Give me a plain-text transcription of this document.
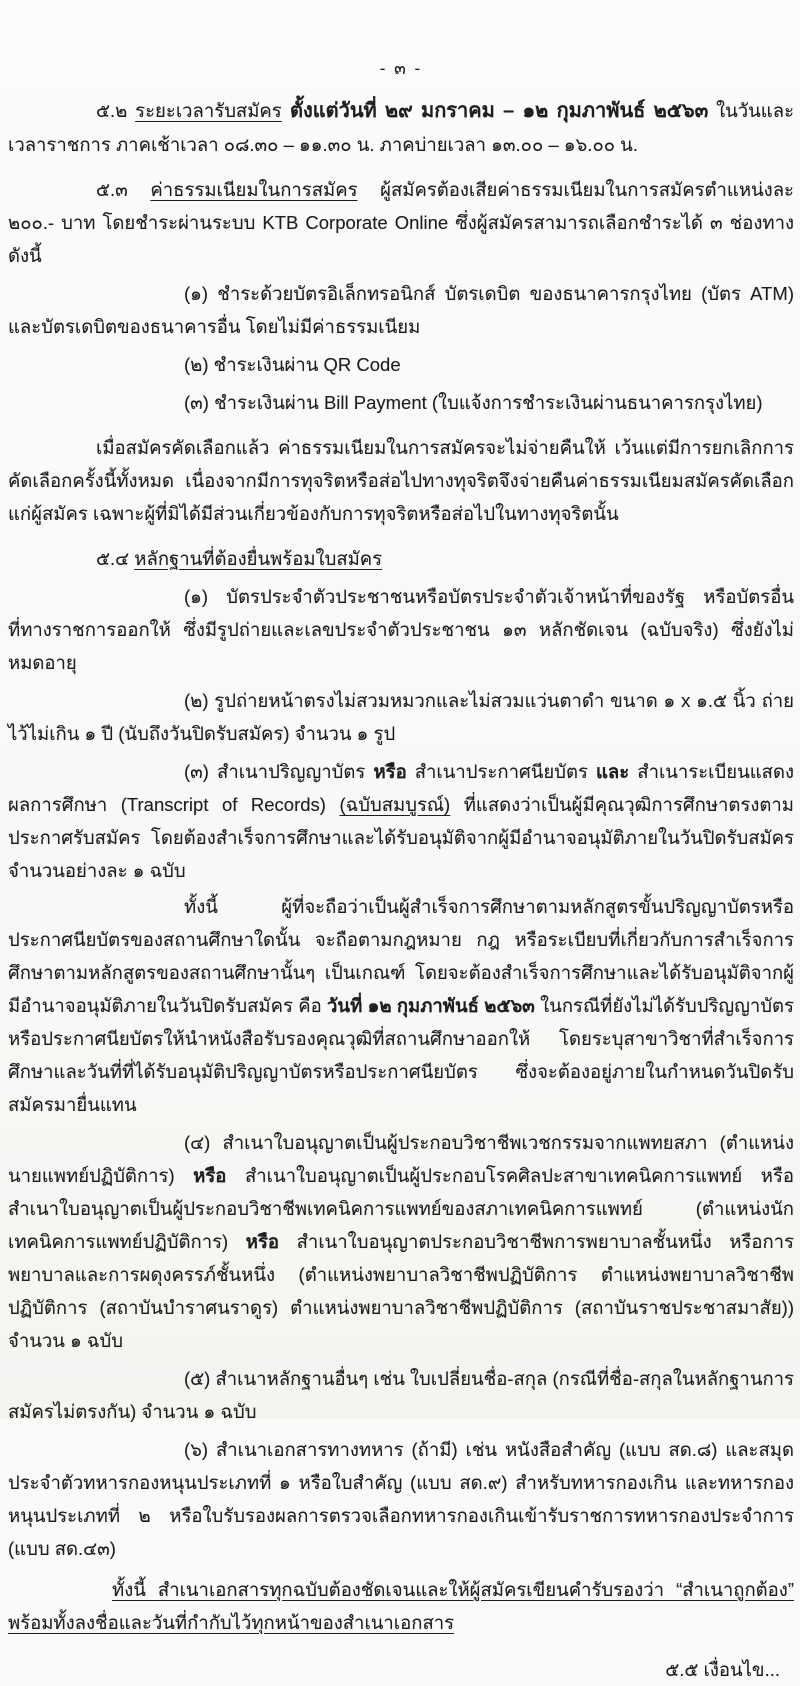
- ๓ -

๕.๒ ระยะเวลารับสมัคร ตั้งแต่วันที่ ๒๙ มกราคม – ๑๒ กุมภาพันธ์ ๒๕๖๓ ในวันและเวลาราชการ ภาคเช้าเวลา ๐๘.๓๐ – ๑๑.๓๐ น. ภาคบ่ายเวลา ๑๓.๐๐ – ๑๖.๐๐ น.

๕.๓ ค่าธรรมเนียมในการสมัคร ผู้สมัครต้องเสียค่าธรรมเนียมในการสมัครตำแหน่งละ ๒๐๐.- บาท โดยชำระผ่านระบบ KTB Corporate Online ซึ่งผู้สมัครสามารถเลือกชำระได้ ๓ ช่องทาง ดังนี้

(๑) ชำระด้วยบัตรอิเล็กทรอนิกส์ บัตรเดบิต ของธนาคารกรุงไทย (บัตร ATM) และบัตรเดบิตของธนาคารอื่น โดยไม่มีค่าธรรมเนียม

(๒) ชำระเงินผ่าน QR Code

(๓) ชำระเงินผ่าน Bill Payment (ใบแจ้งการชำระเงินผ่านธนาคารกรุงไทย)

เมื่อสมัครคัดเลือกแล้ว ค่าธรรมเนียมในการสมัครจะไม่จ่ายคืนให้ เว้นแต่มีการยกเลิกการคัดเลือกครั้งนี้ทั้งหมด เนื่องจากมีการทุจริตหรือส่อไปทางทุจริตจึงจ่ายคืนค่าธรรมเนียมสมัครคัดเลือกแก่ผู้สมัคร เฉพาะผู้ที่มิได้มีส่วนเกี่ยวข้องกับการทุจริตหรือส่อไปในทางทุจริตนั้น

๕.๔ หลักฐานที่ต้องยื่นพร้อมใบสมัคร

(๑) บัตรประจำตัวประชาชนหรือบัตรประจำตัวเจ้าหน้าที่ของรัฐ หรือบัตรอื่นที่ทางราชการออกให้ ซึ่งมีรูปถ่ายและเลขประจำตัวประชาชน ๑๓ หลักชัดเจน (ฉบับจริง) ซึ่งยังไม่หมดอายุ

(๒) รูปถ่ายหน้าตรงไม่สวมหมวกและไม่สวมแว่นตาดำ ขนาด ๑ x ๑.๕ นิ้ว ถ่ายไว้ไม่เกิน ๑ ปี (นับถึงวันปิดรับสมัคร) จำนวน ๑ รูป

(๓) สำเนาปริญญาบัตร หรือ สำเนาประกาศนียบัตร และ สำเนาระเบียนแสดงผลการศึกษา (Transcript of Records) (ฉบับสมบูรณ์) ที่แสดงว่าเป็นผู้มีคุณวุฒิการศึกษาตรงตามประกาศรับสมัคร โดยต้องสำเร็จการศึกษาและได้รับอนุมัติจากผู้มีอำนาจอนุมัติภายในวันปิดรับสมัคร จำนวนอย่างละ ๑ ฉบับ

ทั้งนี้ ผู้ที่จะถือว่าเป็นผู้สำเร็จการศึกษาตามหลักสูตรขั้นปริญญาบัตรหรือประกาศนียบัตรของสถานศึกษาใดนั้น จะถือตามกฎหมาย กฎ หรือระเบียบที่เกี่ยวกับการสำเร็จการศึกษาตามหลักสูตรของสถานศึกษานั้นๆ เป็นเกณฑ์ โดยจะต้องสำเร็จการศึกษาและได้รับอนุมัติจากผู้มีอำนาจอนุมัติภายในวันปิดรับสมัคร คือ วันที่ ๑๒ กุมภาพันธ์ ๒๕๖๓ ในกรณีที่ยังไม่ได้รับปริญญาบัตรหรือประกาศนียบัตรให้นำหนังสือรับรองคุณวุฒิที่สถานศึกษาออกให้ โดยระบุสาขาวิชาที่สำเร็จการศึกษาและวันที่ที่ได้รับอนุมัติปริญญาบัตรหรือประกาศนียบัตร ซึ่งจะต้องอยู่ภายในกำหนดวันปิดรับสมัครมายื่นแทน

(๔) สำเนาใบอนุญาตเป็นผู้ประกอบวิชาชีพเวชกรรมจากแพทยสภา (ตำแหน่งนายแพทย์ปฏิบัติการ) หรือ สำเนาใบอนุญาตเป็นผู้ประกอบโรคศิลปะสาขาเทคนิคการแพทย์ หรือสำเนาใบอนุญาตเป็นผู้ประกอบวิชาชีพเทคนิคการแพทย์ของสภาเทคนิคการแพทย์ (ตำแหน่งนักเทคนิคการแพทย์ปฏิบัติการ) หรือ สำเนาใบอนุญาตประกอบวิชาชีพการพยาบาลชั้นหนึ่ง หรือการพยาบาลและการผดุงครรภ์ชั้นหนึ่ง (ตำแหน่งพยาบาลวิชาชีพปฏิบัติการ ตำแหน่งพยาบาลวิชาชีพปฏิบัติการ (สถาบันบำราศนราดูร) ตำแหน่งพยาบาลวิชาชีพปฏิบัติการ (สถาบันราชประชาสมาสัย)) จำนวน ๑ ฉบับ

(๕) สำเนาหลักฐานอื่นๆ เช่น ใบเปลี่ยนชื่อ-สกุล (กรณีที่ชื่อ-สกุลในหลักฐานการสมัครไม่ตรงกัน) จำนวน ๑ ฉบับ

(๖) สำเนาเอกสารทางทหาร (ถ้ามี) เช่น หนังสือสำคัญ (แบบ สด.๘) และสมุดประจำตัวทหารกองหนุนประเภทที่ ๑ หรือใบสำคัญ (แบบ สด.๙) สำหรับทหารกองเกิน และทหารกองหนุนประเภทที่ ๒ หรือใบรับรองผลการตรวจเลือกทหารกองเกินเข้ารับราชการทหารกองประจำการ (แบบ สด.๔๓)

ทั้งนี้ สำเนาเอกสารทุกฉบับต้องชัดเจนและให้ผู้สมัครเขียนคำรับรองว่า “สำเนาถูกต้อง” พร้อมทั้งลงชื่อและวันที่กำกับไว้ทุกหน้าของสำเนาเอกสาร

๕.๕ เงื่อนไข...
